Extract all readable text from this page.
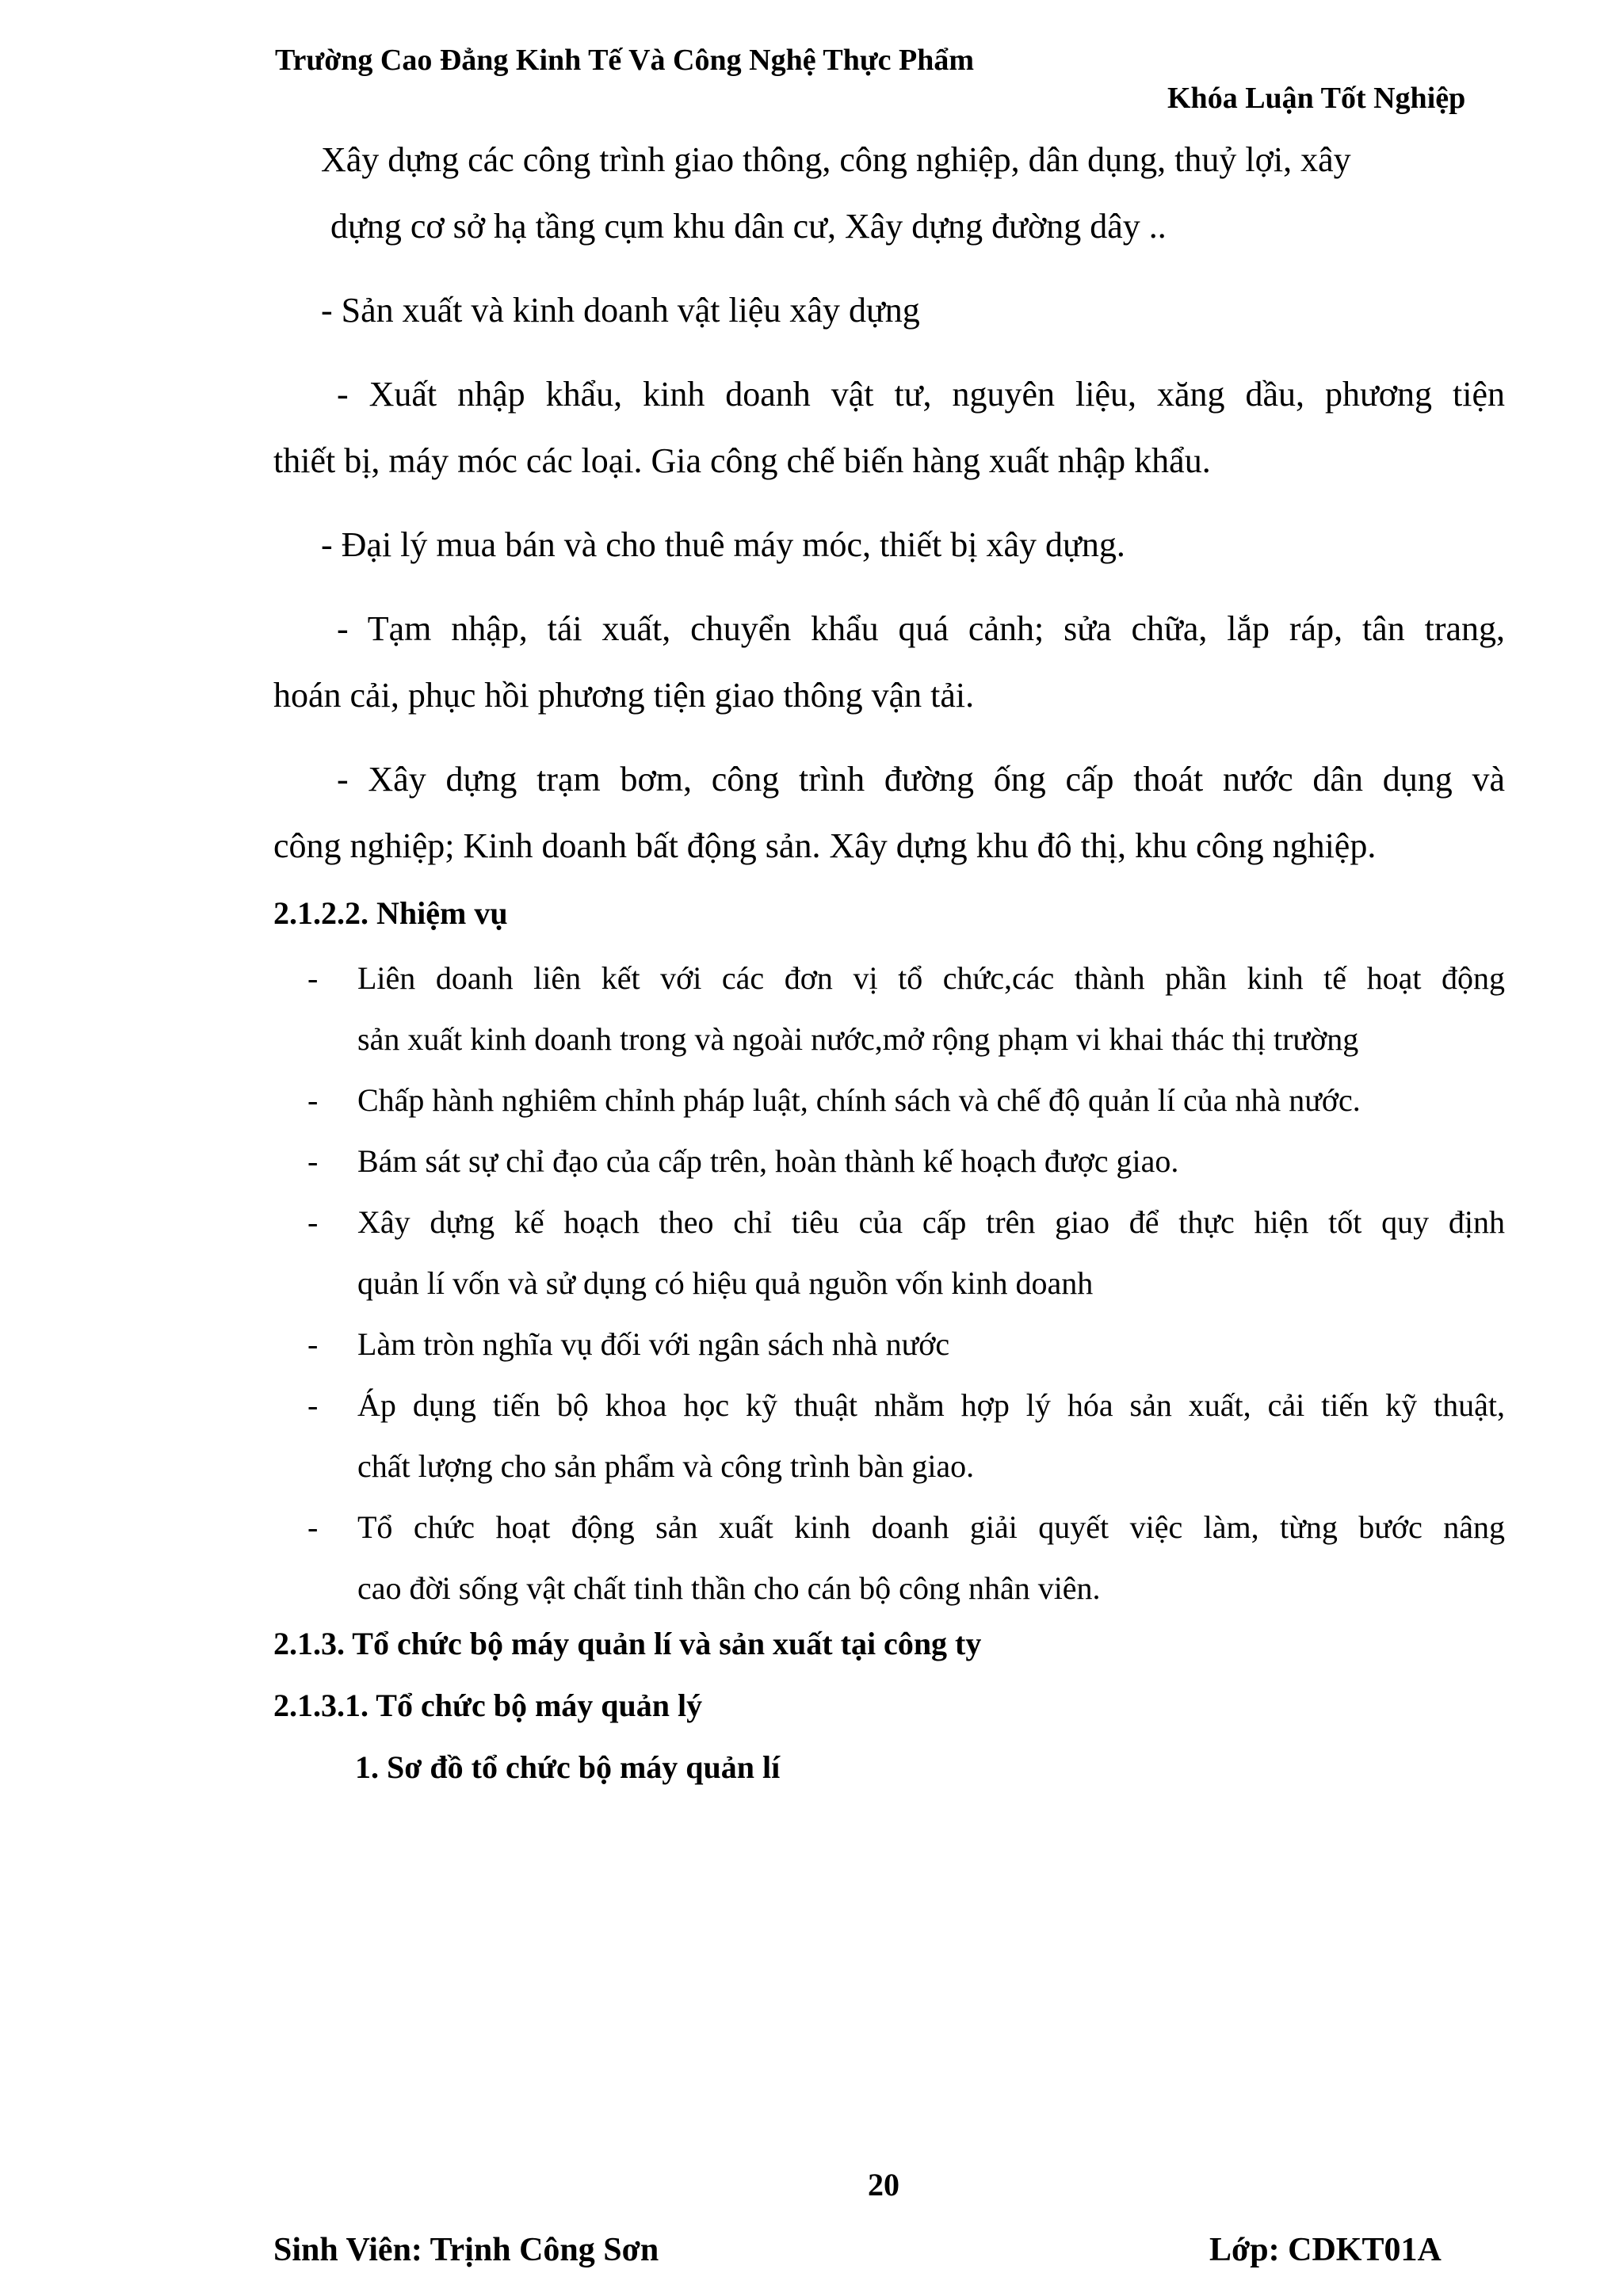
Trường Cao Đẳng Kinh Tế Và Công Nghệ Thực Phẩm
Khóa Luận Tốt Nghiệp

Xây dựng các công trình giao thông, công nghiệp, dân dụng, thuỷ lợi, xây

dựng cơ sở hạ tầng cụm khu dân cư, Xây dựng đường dây ..

- Sản xuất và kinh doanh vật liệu xây dựng

- Xuất nhập khẩu, kinh doanh vật tư, nguyên liệu, xăng dầu, phương tiện

thiết bị, máy móc các loại. Gia công chế biến hàng xuất nhập khẩu.

- Đại lý mua bán và cho thuê máy móc, thiết bị xây dựng.

- Tạm nhập, tái xuất, chuyển khẩu quá cảnh; sửa chữa, lắp ráp, tân trang,

hoán cải, phục hồi phương tiện giao thông vận tải.

- Xây dựng trạm bơm, công trình đường ống cấp thoát nước dân dụng và

công nghiệp; Kinh doanh bất động sản. Xây dựng khu đô thị, khu công nghiệp.

2.1.2.2. Nhiệm vụ
- Liên doanh liên kết với các đơn vị tổ chức,các thành phần kinh tế hoạt động
sản xuất kinh doanh trong và ngoài nước,mở rộng phạm vi khai thác thị trường
- Chấp hành nghiêm chỉnh pháp luật, chính sách và chế độ quản lí của nhà nước.
- Bám sát sự chỉ đạo của cấp trên, hoàn thành kế hoạch được giao.
- Xây dựng kế hoạch theo chỉ tiêu của cấp trên giao để thực hiện tốt quy định
quản lí vốn và sử dụng có hiệu quả nguồn vốn kinh doanh
- Làm tròn nghĩa vụ đối với ngân sách nhà nước
- Áp dụng tiến bộ khoa học kỹ thuật nhằm hợp lý hóa sản xuất, cải tiến kỹ thuật,
chất lượng cho sản phẩm và công trình bàn giao.
- Tổ chức hoạt động sản xuất kinh doanh giải quyết việc làm, từng bước nâng
cao đời sống vật chất tinh thần cho cán bộ công nhân viên.
2.1.3. Tổ chức bộ máy quản lí và sản xuất tại công ty
2.1.3.1. Tổ chức bộ máy quản lý
1. Sơ đồ tổ chức bộ máy quản lí
20
Sinh Viên: Trịnh Công Sơn	Lớp: CDKT01A
